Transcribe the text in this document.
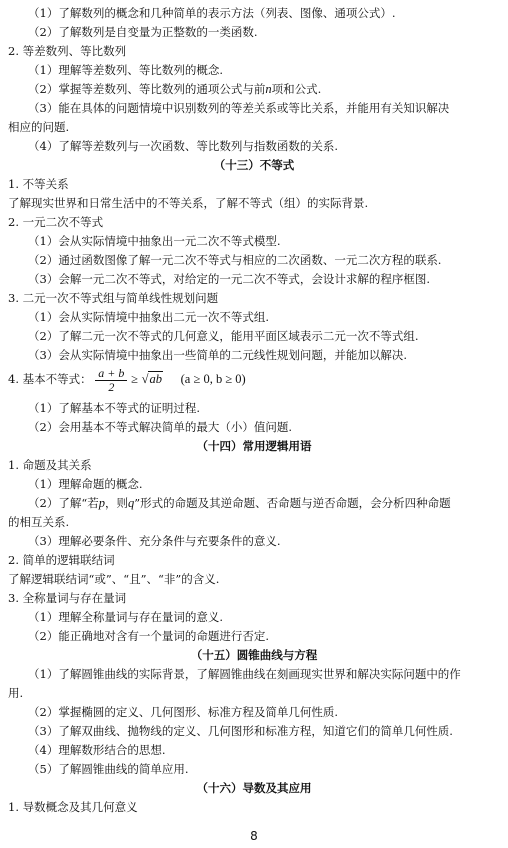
（1）了解数列的概念和几种简单的表示方法（列表、图像、通项公式）.
（2）了解数列是自变量为正整数的一类函数.
2. 等差数列、等比数列
（1）理解等差数列、等比数列的概念.
（2）掌握等差数列、等比数列的通项公式与前n项和公式.
（3）能在具体的问题情境中识别数列的等差关系或等比关系，并能用有关知识解决
相应的问题.
（4）了解等差数列与一次函数、等比数列与指数函数的关系.
（十三）不等式
1. 不等关系
了解现实世界和日常生活中的不等关系，了解不等式（组）的实际背景.
2. 一元二次不等式
（1）会从实际情境中抽象出一元二次不等式模型.
（2）通过函数图像了解一元二次不等式与相应的二次函数、一元二次方程的联系.
（3）会解一元二次不等式，对给定的一元二次不等式，会设计求解的程序框图.
3. 二元一次不等式组与简单线性规划问题
（1）会从实际情境中抽象出二元一次不等式组.
（2）了解二元一次不等式的几何意义，能用平面区域表示二元一次不等式组.
（3）会从实际情境中抽象出一些简单的二元线性规划问题，并能加以解决.
4. 基本不等式： $\frac{a + b}{2} \ge √ab$ (a ≥ 0, b ≥ 0)
（1）了解基本不等式的证明过程.
（2）会用基本不等式解决简单的最大（小）值问题.
（十四）常用逻辑用语
1. 命题及其关系
（1）理解命题的概念.
（2）了解“若p，则q”形式的命题及其逆命题、否命题与逆否命题，会分析四种命题
的相互关系.
（3）理解必要条件、充分条件与充要条件的意义.
2. 简单的逻辑联结词
了解逻辑联结词“或”、“且”、“非”的含义.
3. 全称量词与存在量词
（1）理解全称量词与存在量词的意义.
（2）能正确地对含有一个量词的命题进行否定.
（十五）圆锥曲线与方程
（1）了解圆锥曲线的实际背景，了解圆锥曲线在刻画现实世界和解决实际问题中的作
用.
（2）掌握椭圆的定义、几何图形、标准方程及简单几何性质.
（3）了解双曲线、抛物线的定义、几何图形和标准方程，知道它们的简单几何性质.
（4）理解数形结合的思想.
（5）了解圆锥曲线的简单应用.
（十六）导数及其应用
1. 导数概念及其几何意义
8
